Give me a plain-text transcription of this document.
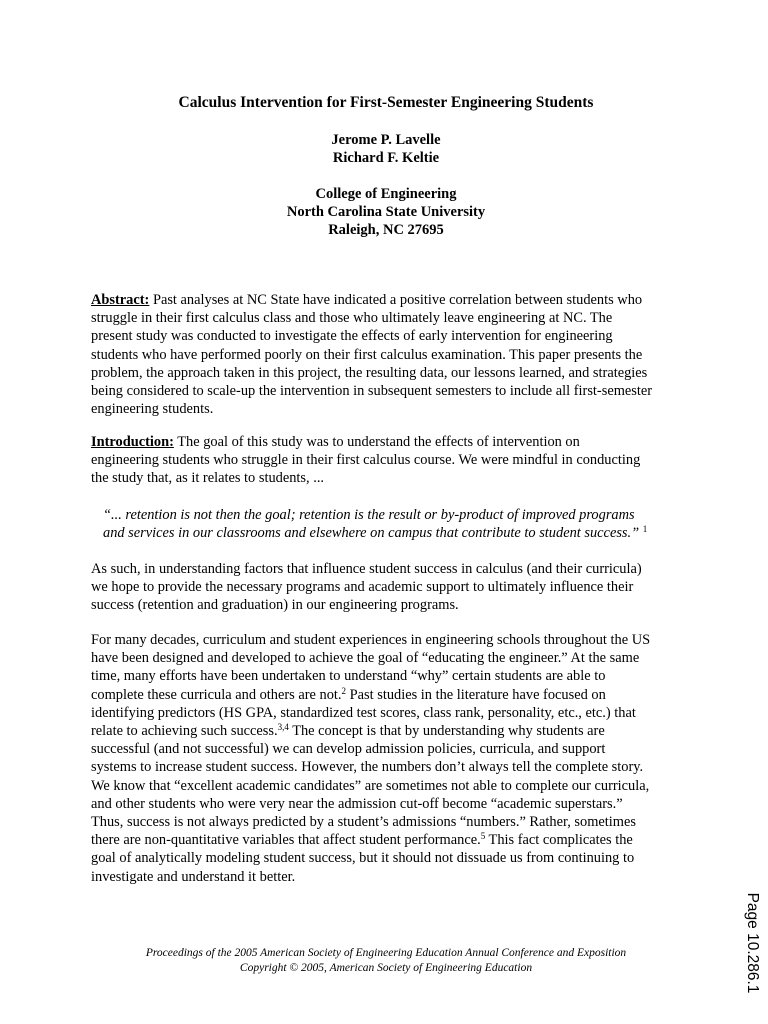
Calculus Intervention for First-Semester Engineering Students
Jerome P. Lavelle
Richard F. Keltie
College of Engineering
North Carolina State University
Raleigh, NC 27695
Abstract: Past analyses at NC State have indicated a positive correlation between students who
struggle in their first calculus class and those who ultimately leave engineering at NC. The
present study was conducted to investigate the effects of early intervention for engineering
students who have performed poorly on their first calculus examination. This paper presents the
problem, the approach taken in this project, the resulting data, our lessons learned, and strategies
being considered to scale-up the intervention in subsequent semesters to include all first-semester
engineering students.
Introduction: The goal of this study was to understand the effects of intervention on
engineering students who struggle in their first calculus course. We were mindful in conducting
the study that, as it relates to students, ...
“... retention is not then the goal; retention is the result or by-product of improved programs
and services in our classrooms and elsewhere on campus that contribute to student success.” $^1$
As such, in understanding factors that influence student success in calculus (and their curricula)
we hope to provide the necessary programs and academic support to ultimately influence their
success (retention and graduation) in our engineering programs.
For many decades, curriculum and student experiences in engineering schools throughout the US
have been designed and developed to achieve the goal of “educating the engineer.” At the same
time, many efforts have been undertaken to understand “why” certain students are able to
complete these curricula and others are not.$^2$ Past studies in the literature have focused on
identifying predictors (HS GPA, standardized test scores, class rank, personality, etc., etc.) that
relate to achieving such success.$^{3,4}$ The concept is that by understanding why students are
successful (and not successful) we can develop admission policies, curricula, and support
systems to increase student success. However, the numbers don’t always tell the complete story.
We know that “excellent academic candidates” are sometimes not able to complete our curricula,
and other students who were very near the admission cut-off become “academic superstars.”
Thus, success is not always predicted by a student’s admissions “numbers.” Rather, sometimes
there are non-quantitative variables that affect student performance.$^5$ This fact complicates the
goal of analytically modeling student success, but it should not dissuade us from continuing to
investigate and understand it better.
Proceedings of the 2005 American Society of Engineering Education Annual Conference and Exposition
Copyright © 2005, American Society of Engineering Education	Page 10.286.1
